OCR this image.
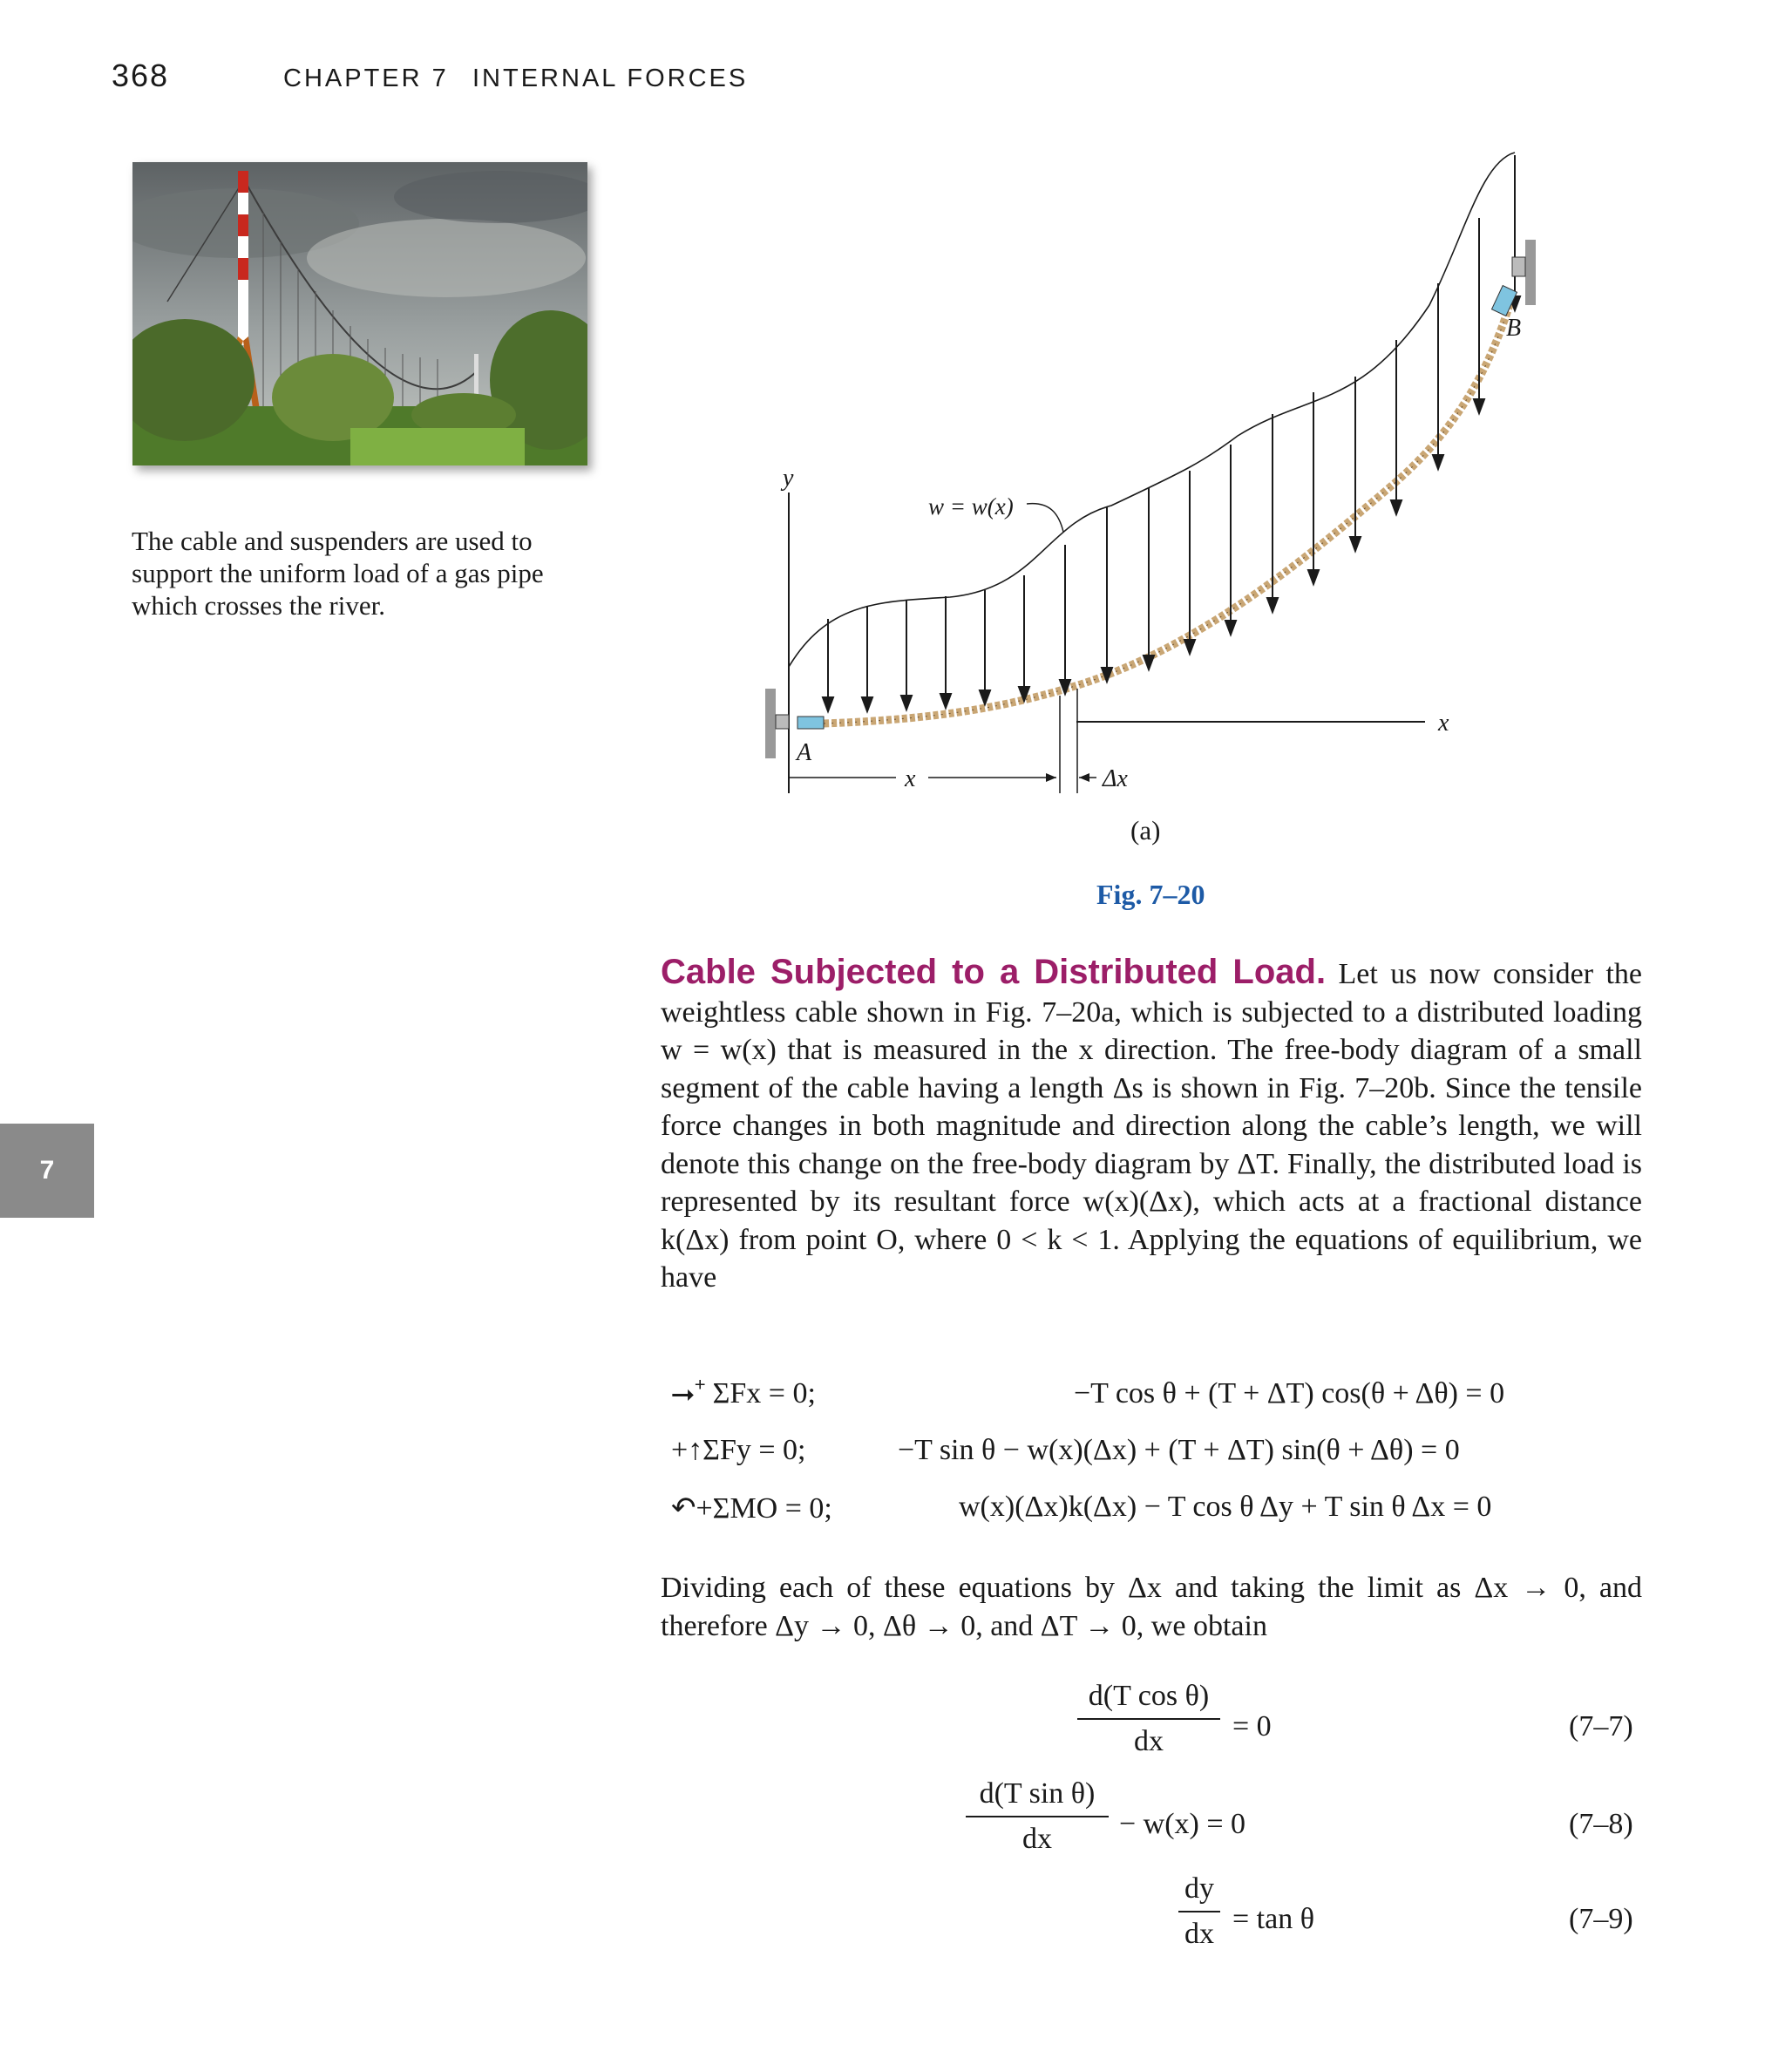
368	CHAPTER 7 INTERNAL FORCES
The cable and suspenders are used to support the uniform load of a gas pipe which crosses the river.
7
y
x
w = w(x)
A
B
x	Δx
(a)
Fig. 7–20
Cable Subjected to a Distributed Load. Let us now consider the weightless cable shown in Fig. 7–20a, which is subjected to a distributed loading w = w(x) that is measured in the x direction. The free-body diagram of a small segment of the cable having a length Δs is shown in Fig. 7–20b. Since the tensile force changes in both magnitude and direction along the cable’s length, we will denote this change on the free-body diagram by ΔT. Finally, the distributed load is represented by its resultant force w(x)(Δx), which acts at a fractional distance k(Δx) from point O, where 0 < k < 1. Applying the equations of equilibrium, we have
⭢⁺ ΣFx = 0;	−T cos θ + (T + ΔT) cos(θ + Δθ) = 0
+↑ΣFy = 0;	−T sin θ − w(x)(Δx) + (T + ΔT) sin(θ + Δθ) = 0
↶+ΣMO = 0;	w(x)(Δx)k(Δx) − T cos θ Δy + T sin θ Δx = 0
Dividing each of these equations by Δx and taking the limit as Δx → 0, and therefore Δy → 0, Δθ → 0, and ΔT → 0, we obtain
d(T cos θ)
dx	= 0	(7–7)
d(T sin θ)
dx	− w(x) = 0	(7–8)
dy
dx = tan θ	(7–9)
